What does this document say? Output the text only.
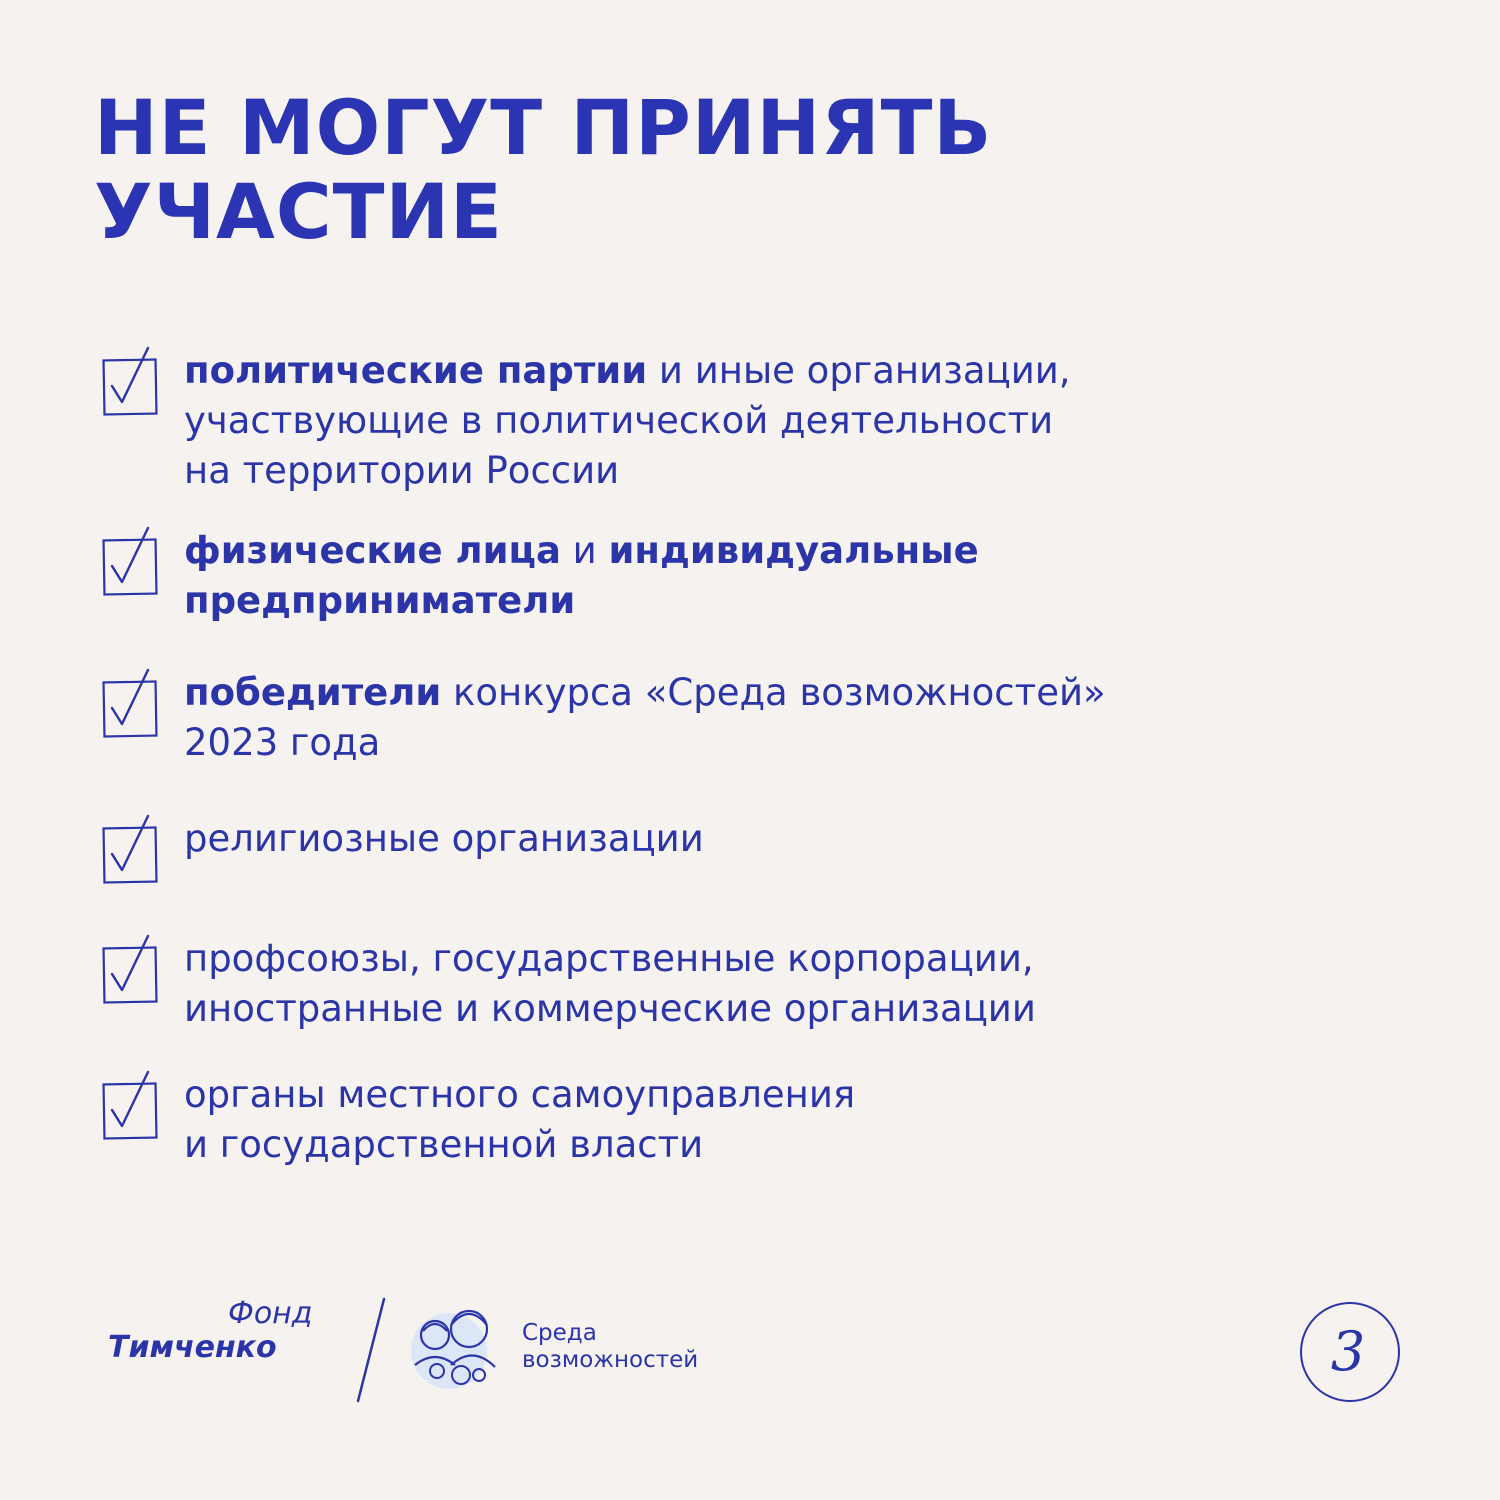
НЕ МОГУТ ПРИНЯТЬ
УЧАСТИЕ
политические партии и иные организации,
участвующие в политической деятельности
на территории России
физические лица и индивидуальные
предприниматели
победители конкурса «Среда возможностей»
2023 года
религиозные организации
профсоюзы, государственные корпорации,
иностранные и коммерческие организации
органы местного самоуправления
и государственной власти
Фонд
Тимченко	Среда
возможностей	3
